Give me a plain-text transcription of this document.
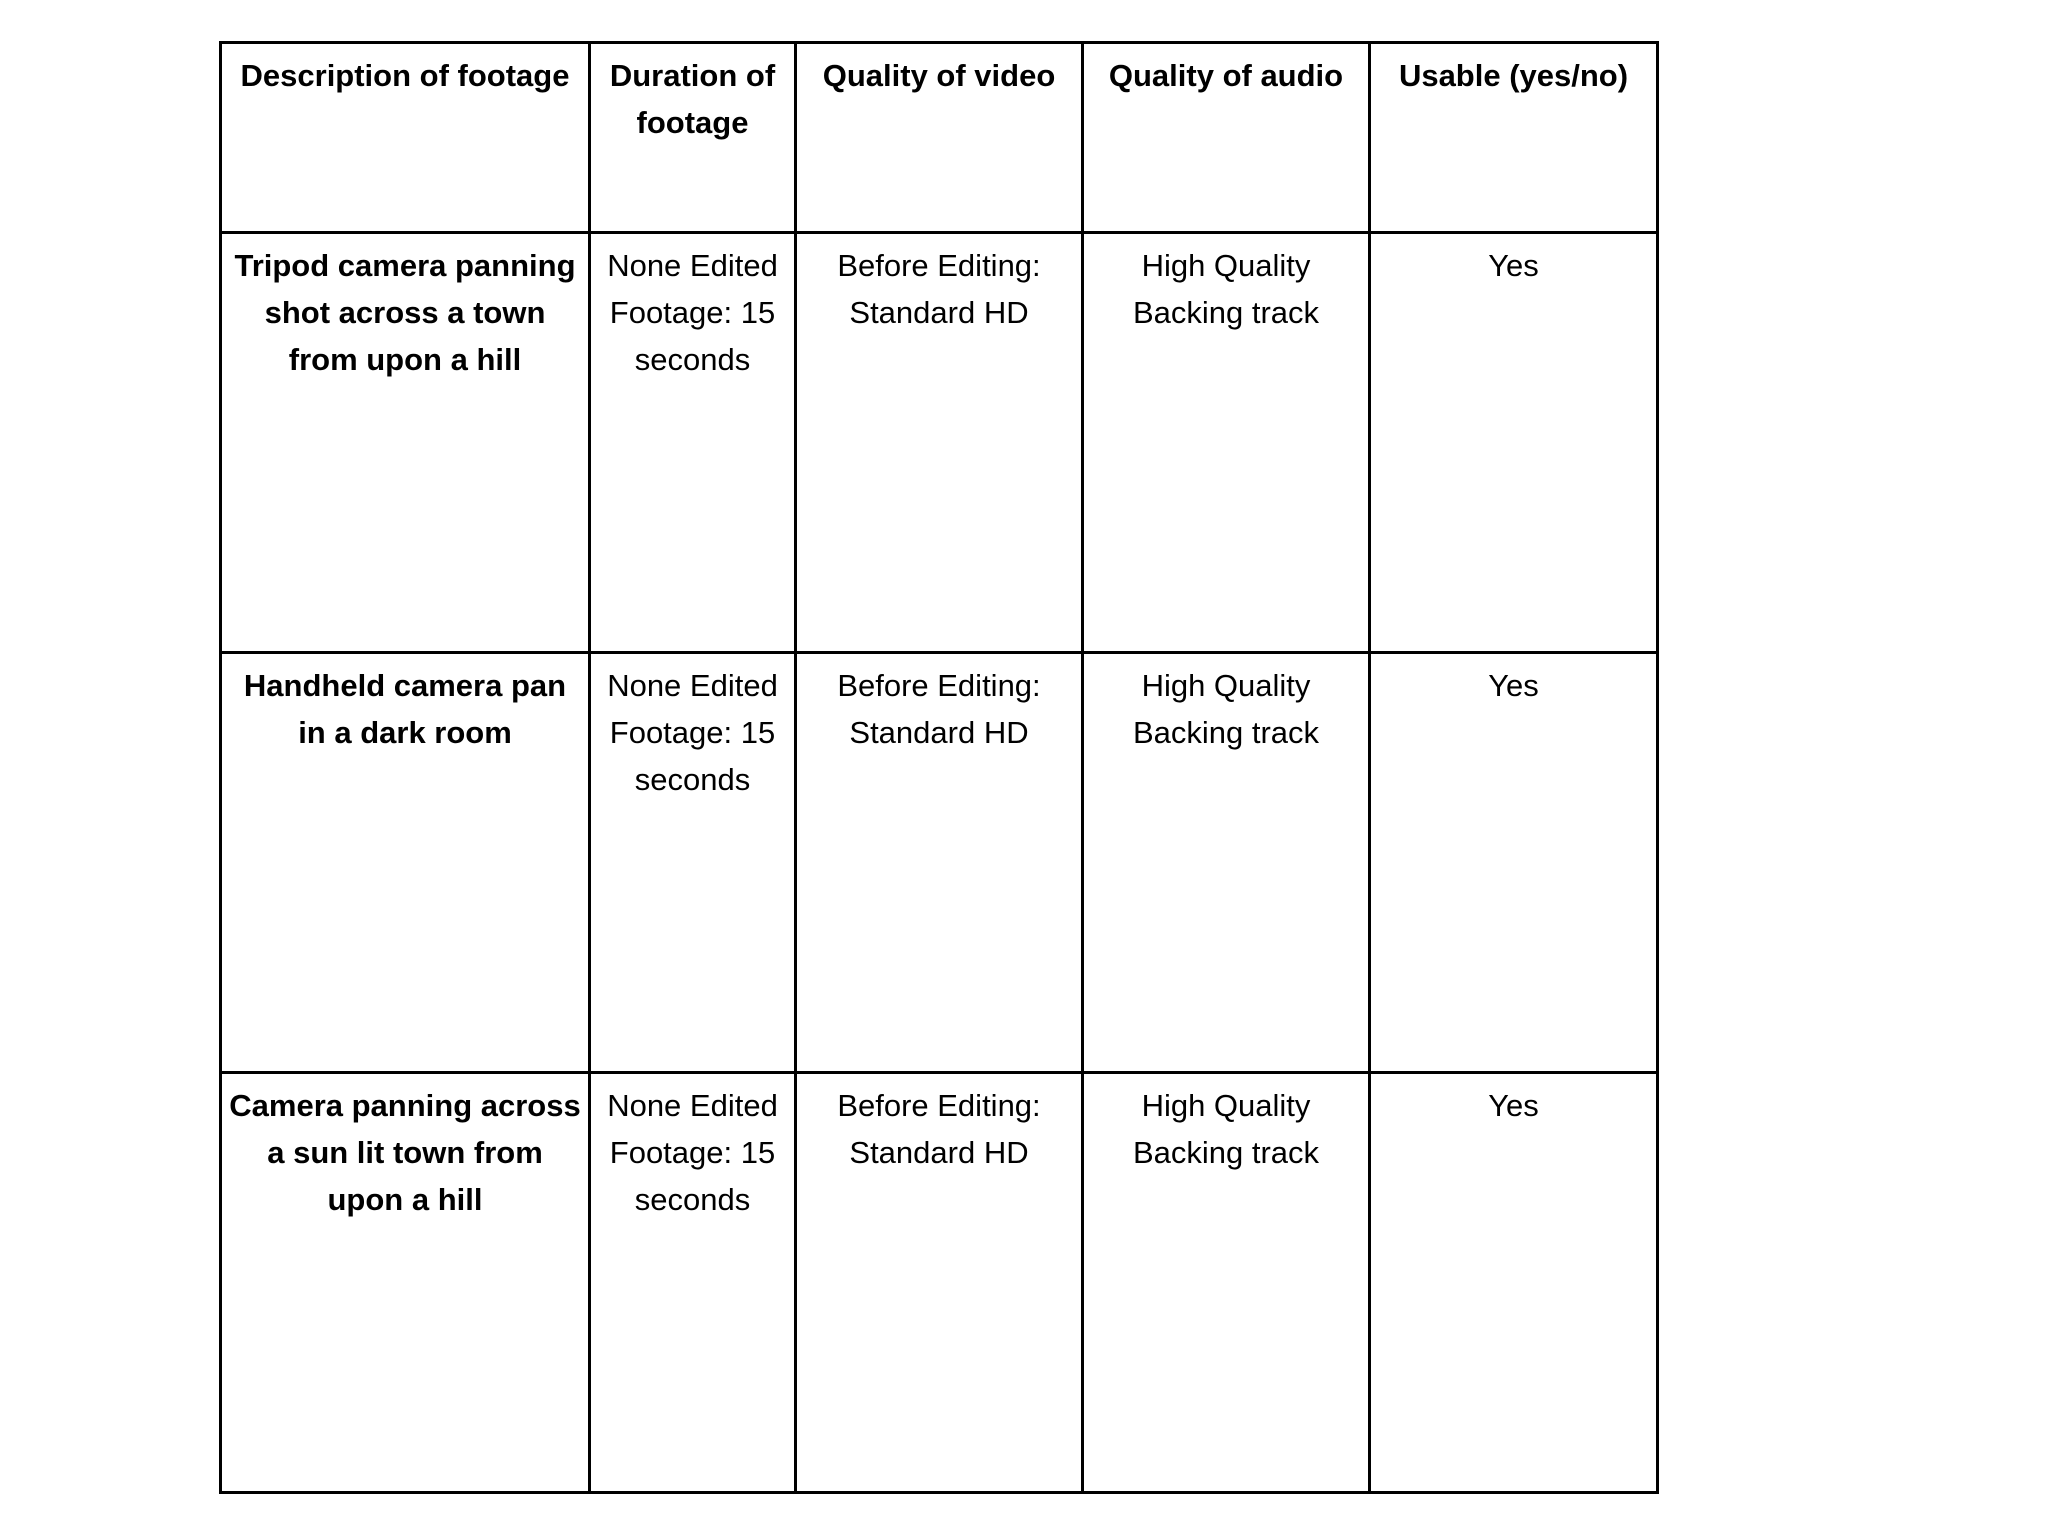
Description of footage	Duration of footage	Quality of video	Quality of audio	Usable (yes/no)
Tripod camera panning shot across a town from upon a hill	None Edited Footage: 15 seconds	Before Editing: Standard HD	High Quality Backing track	Yes
Handheld camera pan in a dark room	None Edited Footage: 15 seconds	Before Editing: Standard HD	High Quality Backing track	Yes
Camera panning across a sun lit town from upon a hill	None Edited Footage: 15 seconds	Before Editing: Standard HD	High Quality Backing track	Yes
